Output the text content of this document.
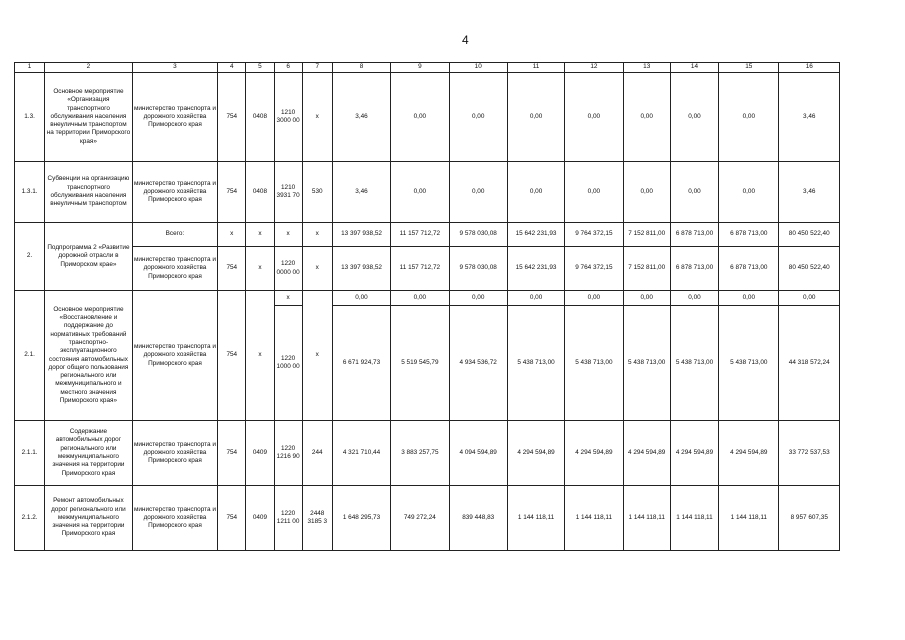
4
1	2	3	4	5	6	7	8	9	10	11	12	13	14	15	16
1.3.	Основное мероприятие «Организация транспортного обслуживания населения внеуличным транспортом на территории Приморского края»	министерство транспорта и дорожного хозяйства Приморского края	754	0408	1210 3000 00	x	3,46	0,00	0,00	0,00	0,00	0,00	0,00	0,00	3,46
1.3.1.	Субвенции на организацию транспортного обслуживания населения внеуличным транспортом	министерство транспорта и дорожного хозяйства Приморского края	754	0408	1210 3931 70	530	3,46	0,00	0,00	0,00	0,00	0,00	0,00	0,00	3,46
2.	Подпрограмма 2 «Развитие дорожной отрасли в Приморском крае»	Всего:	x	x	x	x	13 397 938,52	11 157 712,72	9 578 030,08	15 642 231,93	9 764 372,15	7 152 811,00	6 878 713,00	6 878 713,00	80 450 522,40
		министерство транспорта и дорожного хозяйства Приморского края	754	x	1220 0000 00	x	13 397 938,52	11 157 712,72	9 578 030,08	15 642 231,93	9 764 372,15	7 152 811,00	6 878 713,00	6 878 713,00	80 450 522,40
2.1.	Основное мероприятие «Восстановление и поддержание до нормативных требований транспортно-эксплуатационного состояния автомобильных дорог общего пользования регионального или межмуниципального и местного значения Приморского края»	министерство транспорта и дорожного хозяйства Приморского края	754	x	x	x	0,00	0,00	0,00	0,00	0,00	0,00	0,00	0,00	0,00
					1220 1000 00		6 671 924,73	5 519 545,79	4 934 536,72	5 438 713,00	5 438 713,00	5 438 713,00	5 438 713,00	5 438 713,00	44 318 572,24
2.1.1.	Содержание автомобильных дорог регионального или межмуниципального значения на территории Приморского края	министерство транспорта и дорожного хозяйства Приморского края	754	0409	1220 1216 90	244	4 321 710,44	3 883 257,75	4 094 594,89	4 294 594,89	4 294 594,89	4 294 594,89	4 294 594,89	4 294 594,89	33 772 537,53
2.1.2.	Ремонт автомобильных дорог регионального или межмуниципального значения на территории Приморского края	министерство транспорта и дорожного хозяйства Приморского края	754	0409	1220 1211 00	2448 3185 3	1 648 295,73	749 272,24	839 448,83	1 144 118,11	1 144 118,11	1 144 118,11	1 144 118,11	1 144 118,11	8 957 607,35
